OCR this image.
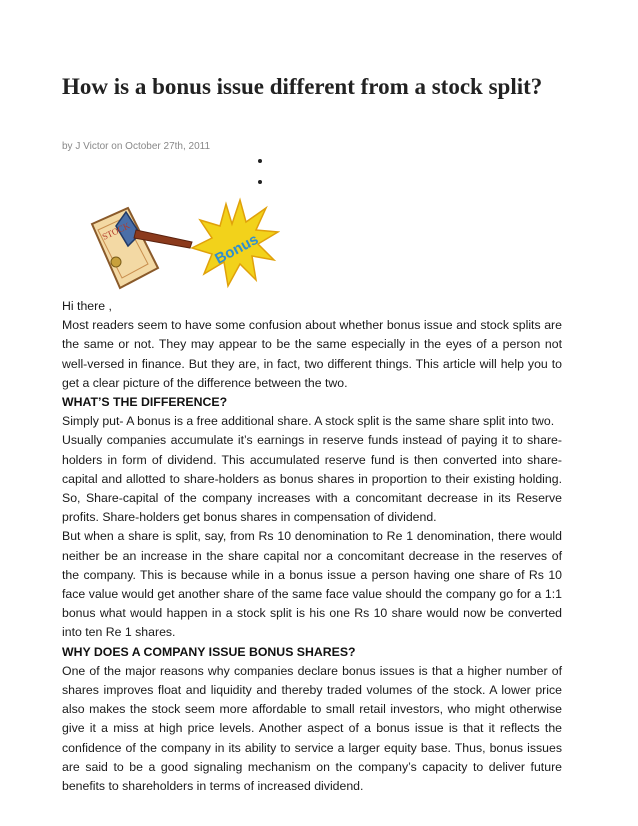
How is a bonus issue different from a stock split?
by J Victor on October 27th, 2011
STOCK	Bonus

Hi there ,

Most readers seem to have some confusion about whether bonus issue and stock splits are the same or not. They may appear to be the same especially in the eyes of a person not well-versed in finance. But they are, in fact, two different things. This article will help you to get a clear picture of the difference between the two.

WHAT’S THE DIFFERENCE?

Simply put- A bonus is a free additional share. A stock split is the same share split into two.

Usually companies accumulate it’s earnings in reserve funds instead of paying it to share-holders in form of dividend. This accumulated reserve fund is then converted into share-capital and allotted to share-holders as bonus shares in proportion to their existing holding. So, Share-capital of the company increases with a concomitant decrease in its Reserve profits. Share-holders get bonus shares in compensation of dividend.

But when a share is split, say, from Rs 10 denomination to Re 1 denomination, there would neither be an increase in the share capital nor a concomitant decrease in the reserves of the company. This is because while in a bonus issue a person having one share of Rs 10 face value would get another share of the same face value should the company go for a 1:1 bonus what would happen in a stock split is his one Rs 10 share would now be converted into ten Re 1 shares.

WHY DOES A COMPANY ISSUE BONUS SHARES?

One of the major reasons why companies declare bonus issues is that a higher number of shares improves float and liquidity and thereby traded volumes of the stock. A lower price also makes the stock seem more affordable to small retail investors, who might otherwise give it a miss at high price levels. Another aspect of a bonus issue is that it reflects the confidence of the company in its ability to service a larger equity base. Thus, bonus issues are said to be a good signaling mechanism on the company’s capacity to deliver future benefits to shareholders in terms of increased dividend.
